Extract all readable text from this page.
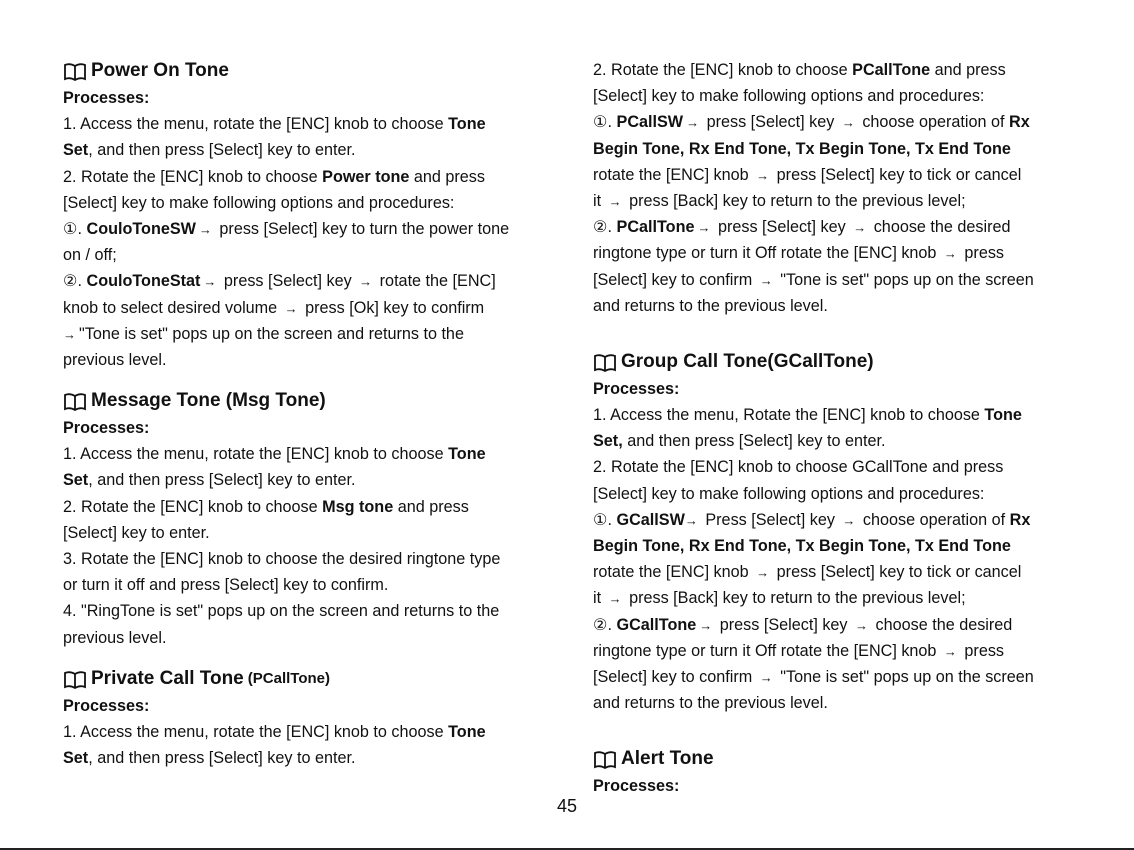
Power On Tone
Processes:
1. Access the menu, rotate the [ENC] knob to choose Tone
Set, and then press [Select] key to enter.
2. Rotate the [ENC] knob to choose Power tone and press
[Select] key to make following options and procedures:
①. CouloToneSW → press [Select] key to turn the power tone
on / off;
②. CouloToneStat → press [Select] key → rotate the [ENC]
knob to select desired volume → press [Ok] key to confirm
→ "Tone is set" pops up on the screen and returns to the
previous level.
Message Tone (Msg Tone)
Processes:
1. Access the menu, rotate the [ENC] knob to choose Tone
Set, and then press [Select] key to enter.
2. Rotate the [ENC] knob to choose Msg tone and press
[Select] key to enter.
3. Rotate the [ENC] knob to choose the desired ringtone type
or turn it off and press [Select] key to confirm.
4. "RingTone is set" pops up on the screen and returns to the
previous level.
Private Call Tone (PCallTone)
Processes:
1. Access the menu, rotate the [ENC] knob to choose Tone
Set, and then press [Select] key to enter.
2. Rotate the [ENC] knob to choose PCallTone and press
[Select] key to make following options and procedures:
①. PCallSW → press [Select] key → choose operation of Rx
Begin Tone, Rx End Tone, Tx Begin Tone, Tx End Tone
rotate the [ENC] knob → press [Select] key to tick or cancel
it → press [Back] key to return to the previous level;
②. PCallTone → press [Select] key → choose the desired
ringtone type or turn it Off rotate the [ENC] knob → press
[Select] key to confirm → "Tone is set" pops up on the screen
and returns to the previous level.
Group Call Tone(GCallTone)
Processes:
1. Access the menu, Rotate the [ENC] knob to choose Tone
Set, and then press [Select] key to enter.
2. Rotate the [ENC] knob to choose GCallTone and press
[Select] key to make following options and procedures:
①. GCallSW→ Press [Select] key → choose operation of Rx
Begin Tone, Rx End Tone, Tx Begin Tone, Tx End Tone
rotate the [ENC] knob → press [Select] key to tick or cancel
it → press [Back] key to return to the previous level;
②. GCallTone → press [Select] key → choose the desired
ringtone type or turn it Off rotate the [ENC] knob → press
[Select] key to confirm → "Tone is set" pops up on the screen
and returns to the previous level.
Alert Tone
Processes:
45
